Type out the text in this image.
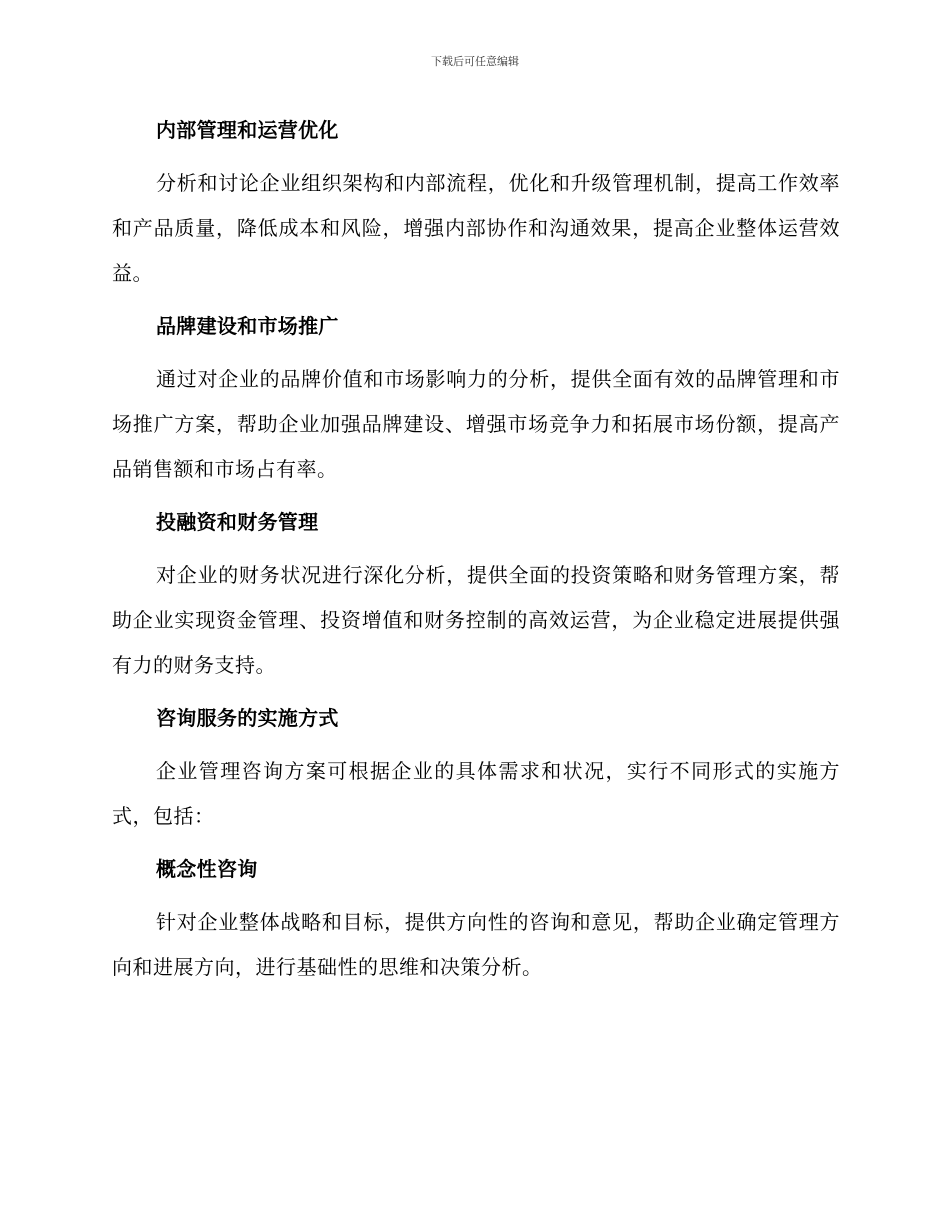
下载后可任意编辑
内部管理和运营优化

分析和讨论企业组织架构和内部流程，优化和升级管理机制，提高工作效率和产品质量，降低成本和风险，增强内部协作和沟通效果，提高企业整体运营效益。

品牌建设和市场推广

通过对企业的品牌价值和市场影响力的分析，提供全面有效的品牌管理和市场推广方案，帮助企业加强品牌建设、增强市场竞争力和拓展市场份额，提高产品销售额和市场占有率。

投融资和财务管理

对企业的财务状况进行深化分析，提供全面的投资策略和财务管理方案，帮助企业实现资金管理、投资增值和财务控制的高效运营，为企业稳定进展提供强有力的财务支持。

咨询服务的实施方式

企业管理咨询方案可根据企业的具体需求和状况，实行不同形式的实施方式，包括：

概念性咨询

针对企业整体战略和目标，提供方向性的咨询和意见，帮助企业确定管理方向和进展方向，进行基础性的思维和决策分析。
